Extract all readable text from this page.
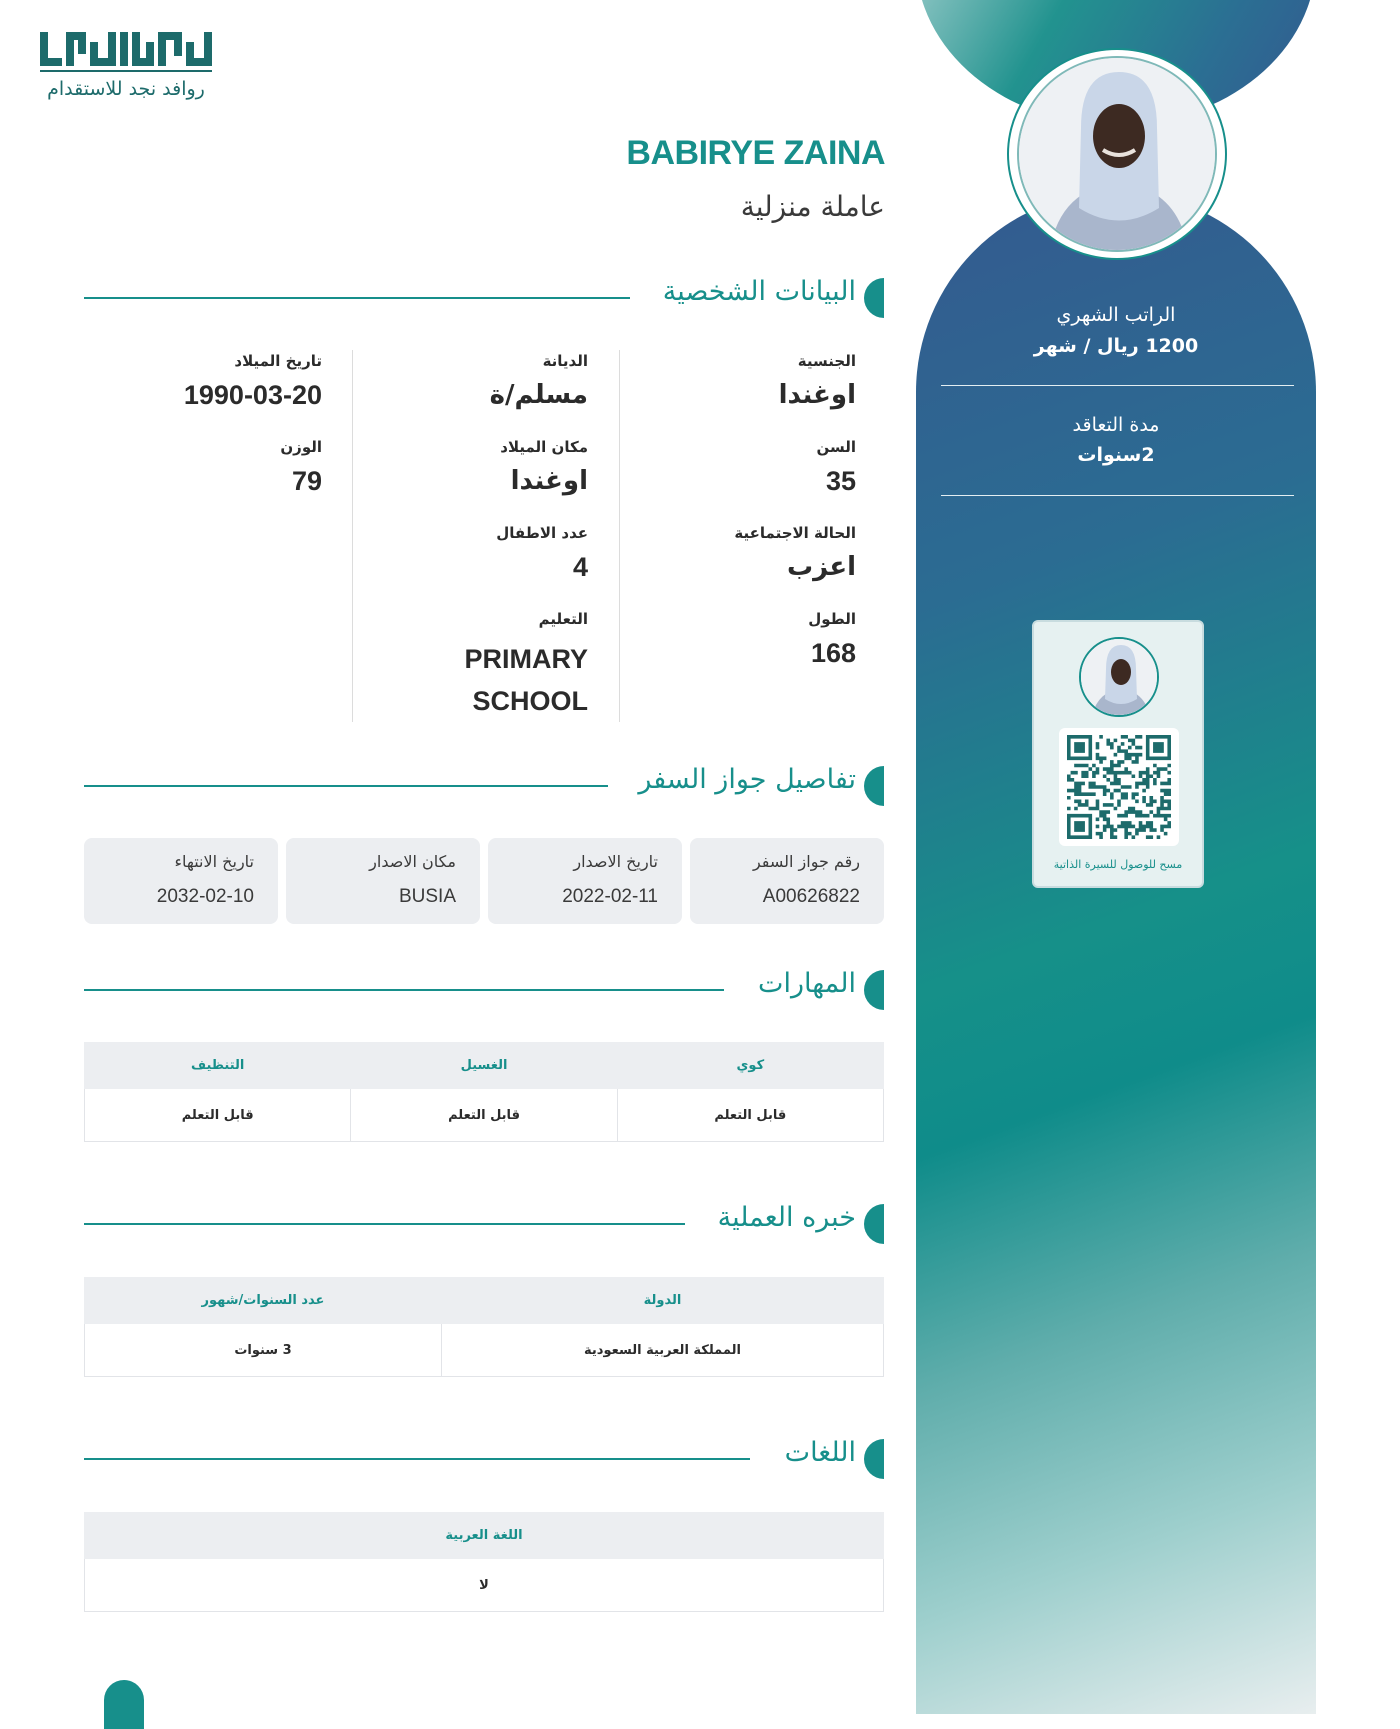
الراتب الشهري
1200 ريال / شهر
مدة التعاقد
2سنوات
مسح للوصول للسيرة الذاتية
روافد نجد للاستقدام
BABIRYE ZAINA
عاملة منزلية
البيانات الشخصية
الجنسية
اوغندا
السن
35
الحالة الاجتماعية
اعزب
الطول
168
الديانة
مسلم/ة
مكان الميلاد
اوغندا
عدد الاطفال
4
التعليم
PRIMARY SCHOOL
تاريخ الميلاد
1990-03-20
الوزن
79
تفاصيل جواز السفر
رقم جواز السفر
A00626822
تاريخ الاصدار
2022-02-11
مكان الاصدار
BUSIA
تاريخ الانتهاء
2032-02-10
المهارات
كوي	الغسيل	التنظيف
قابل التعلم	قابل التعلم	قابل التعلم
خبره العملية
الدولة	عدد السنوات/شهور
المملكة العربية السعودية	3 سنوات
اللغات
اللغة العربية
لا
